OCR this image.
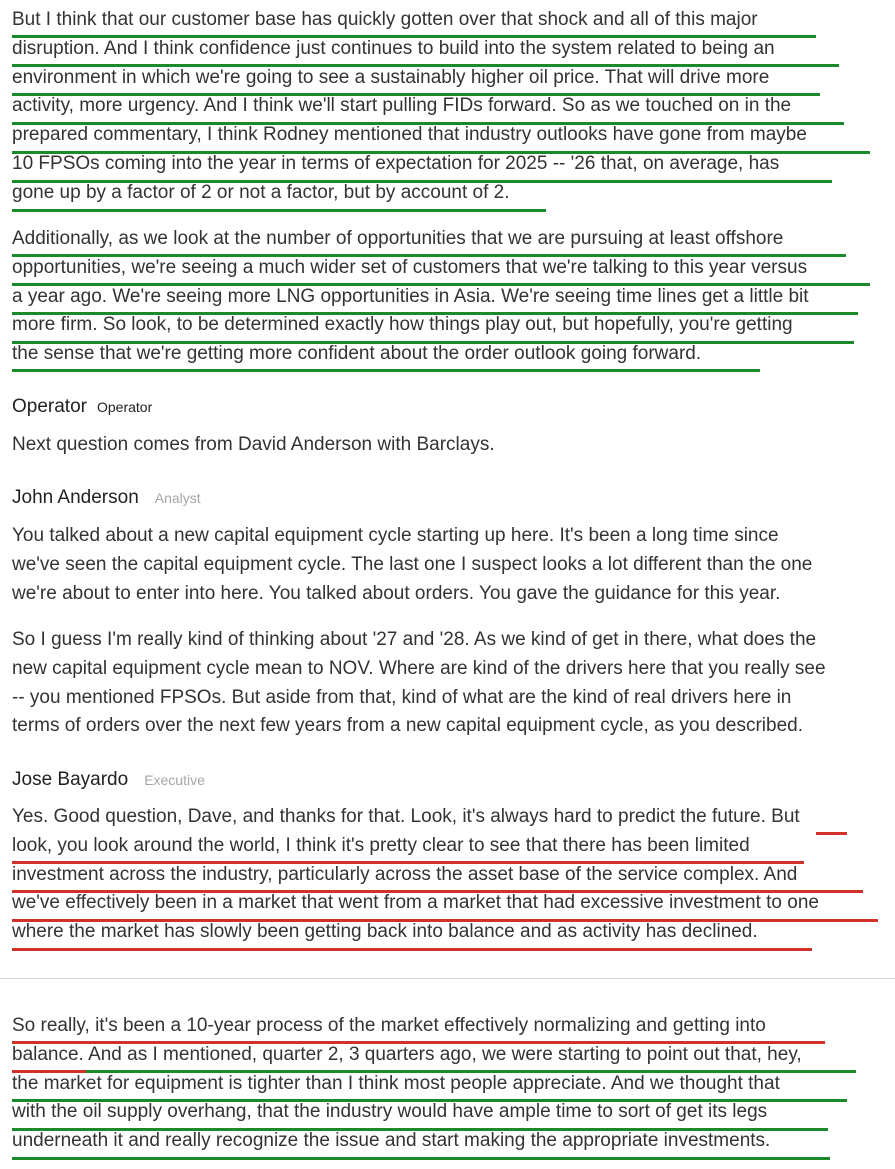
But I think that our customer base has quickly gotten over that shock and all of this major
disruption. And I think confidence just continues to build into the system related to being an
environment in which we're going to see a sustainably higher oil price. That will drive more
activity, more urgency. And I think we'll start pulling FIDs forward. So as we touched on in the
prepared commentary, I think Rodney mentioned that industry outlooks have gone from maybe
10 FPSOs coming into the year in terms of expectation for 2025 -- '26 that, on average, has
gone up by a factor of 2 or not a factor, but by account of 2.
Additionally, as we look at the number of opportunities that we are pursuing at least offshore
opportunities, we're seeing a much wider set of customers that we're talking to this year versus
a year ago. We're seeing more LNG opportunities in Asia. We're seeing time lines get a little bit
more firm. So look, to be determined exactly how things play out, but hopefully, you're getting
the sense that we're getting more confident about the order outlook going forward.
Operator Operator
Next question comes from David Anderson with Barclays.
John Anderson Analyst
You talked about a new capital equipment cycle starting up here. It's been a long time since
we've seen the capital equipment cycle. The last one I suspect looks a lot different than the one
we're about to enter into here. You talked about orders. You gave the guidance for this year.
So I guess I'm really kind of thinking about '27 and '28. As we kind of get in there, what does the
new capital equipment cycle mean to NOV. Where are kind of the drivers here that you really see
-- you mentioned FPSOs. But aside from that, kind of what are the kind of real drivers here in
terms of orders over the next few years from a new capital equipment cycle, as you described.
Jose Bayardo Executive
Yes. Good question, Dave, and thanks for that. Look, it's always hard to predict the future. But
look, you look around the world, I think it's pretty clear to see that there has been limited
investment across the industry, particularly across the asset base of the service complex. And
we've effectively been in a market that went from a market that had excessive investment to one
where the market has slowly been getting back into balance and as activity has declined.
So really, it's been a 10-year process of the market effectively normalizing and getting into
balance. And as I mentioned, quarter 2, 3 quarters ago, we were starting to point out that, hey,
the market for equipment is tighter than I think most people appreciate. And we thought that
with the oil supply overhang, that the industry would have ample time to sort of get its legs
underneath it and really recognize the issue and start making the appropriate investments.
